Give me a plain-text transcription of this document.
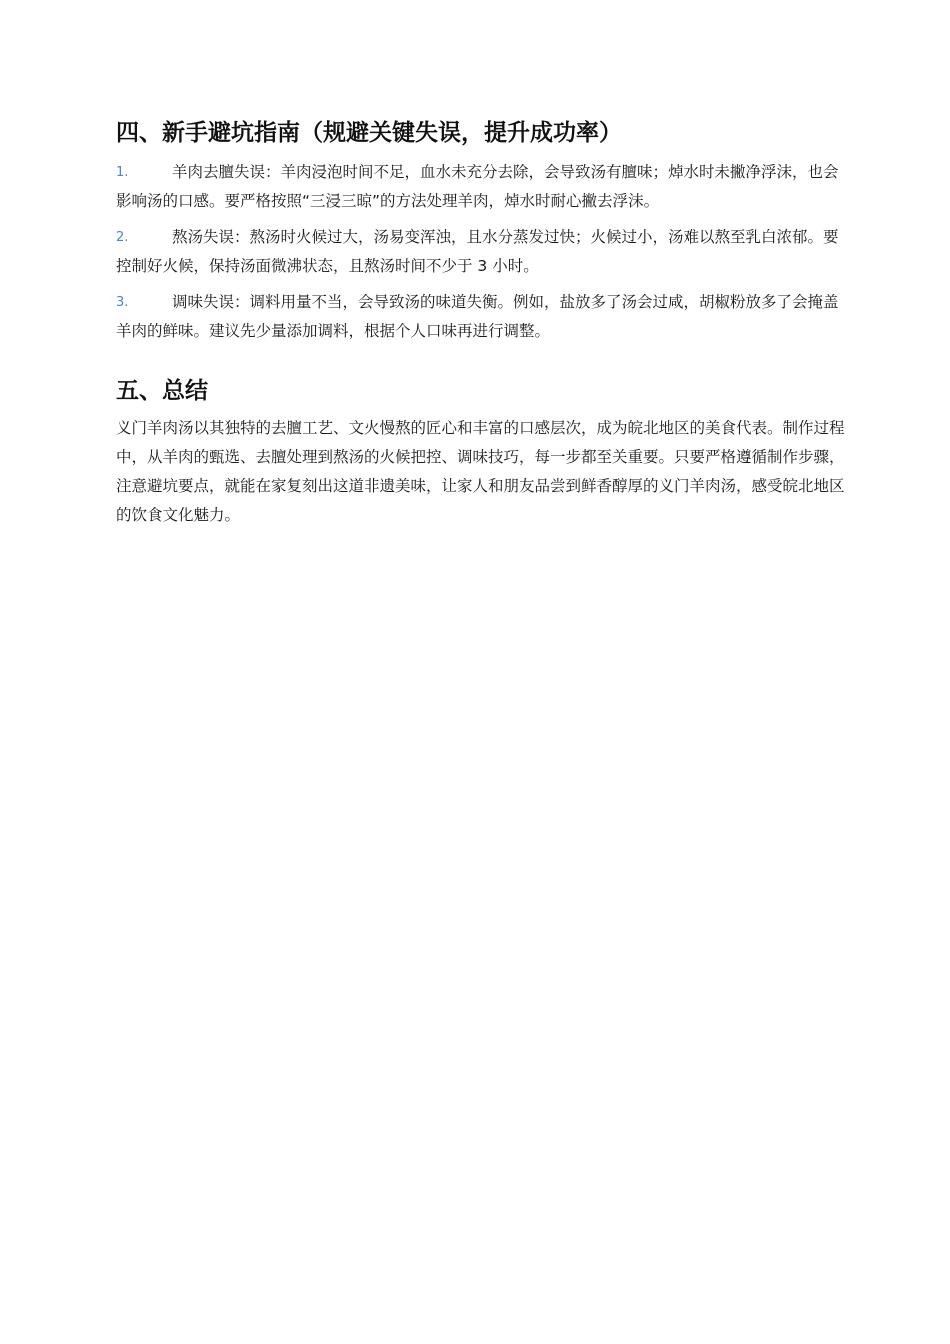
四、新手避坑指南（规避关键失误，提升成功率）
1.	羊肉去膻失误：羊肉浸泡时间不足，血水未充分去除，会导致汤有膻味；焯水时未撇净浮沫，也会影响汤的口感。要严格按照“三浸三晾”的方法处理羊肉，焯水时耐心撇去浮沫。
2.	熬汤失误：熬汤时火候过大，汤易变浑浊，且水分蒸发过快；火候过小，汤难以熬至乳白浓郁。要控制好火候，保持汤面微沸状态，且熬汤时间不少于 3 小时。
3.	调味失误：调料用量不当，会导致汤的味道失衡。例如，盐放多了汤会过咸，胡椒粉放多了会掩盖羊肉的鲜味。建议先少量添加调料，根据个人口味再进行调整。
五、总结

义门羊肉汤以其独特的去膻工艺、文火慢熬的匠心和丰富的口感层次，成为皖北地区的美食代表。制作过程中，从羊肉的甄选、去膻处理到熬汤的火候把控、调味技巧，每一步都至关重要。只要严格遵循制作步骤，注意避坑要点，就能在家复刻出这道非遗美味，让家人和朋友品尝到鲜香醇厚的义门羊肉汤，感受皖北地区的饮食文化魅力。
